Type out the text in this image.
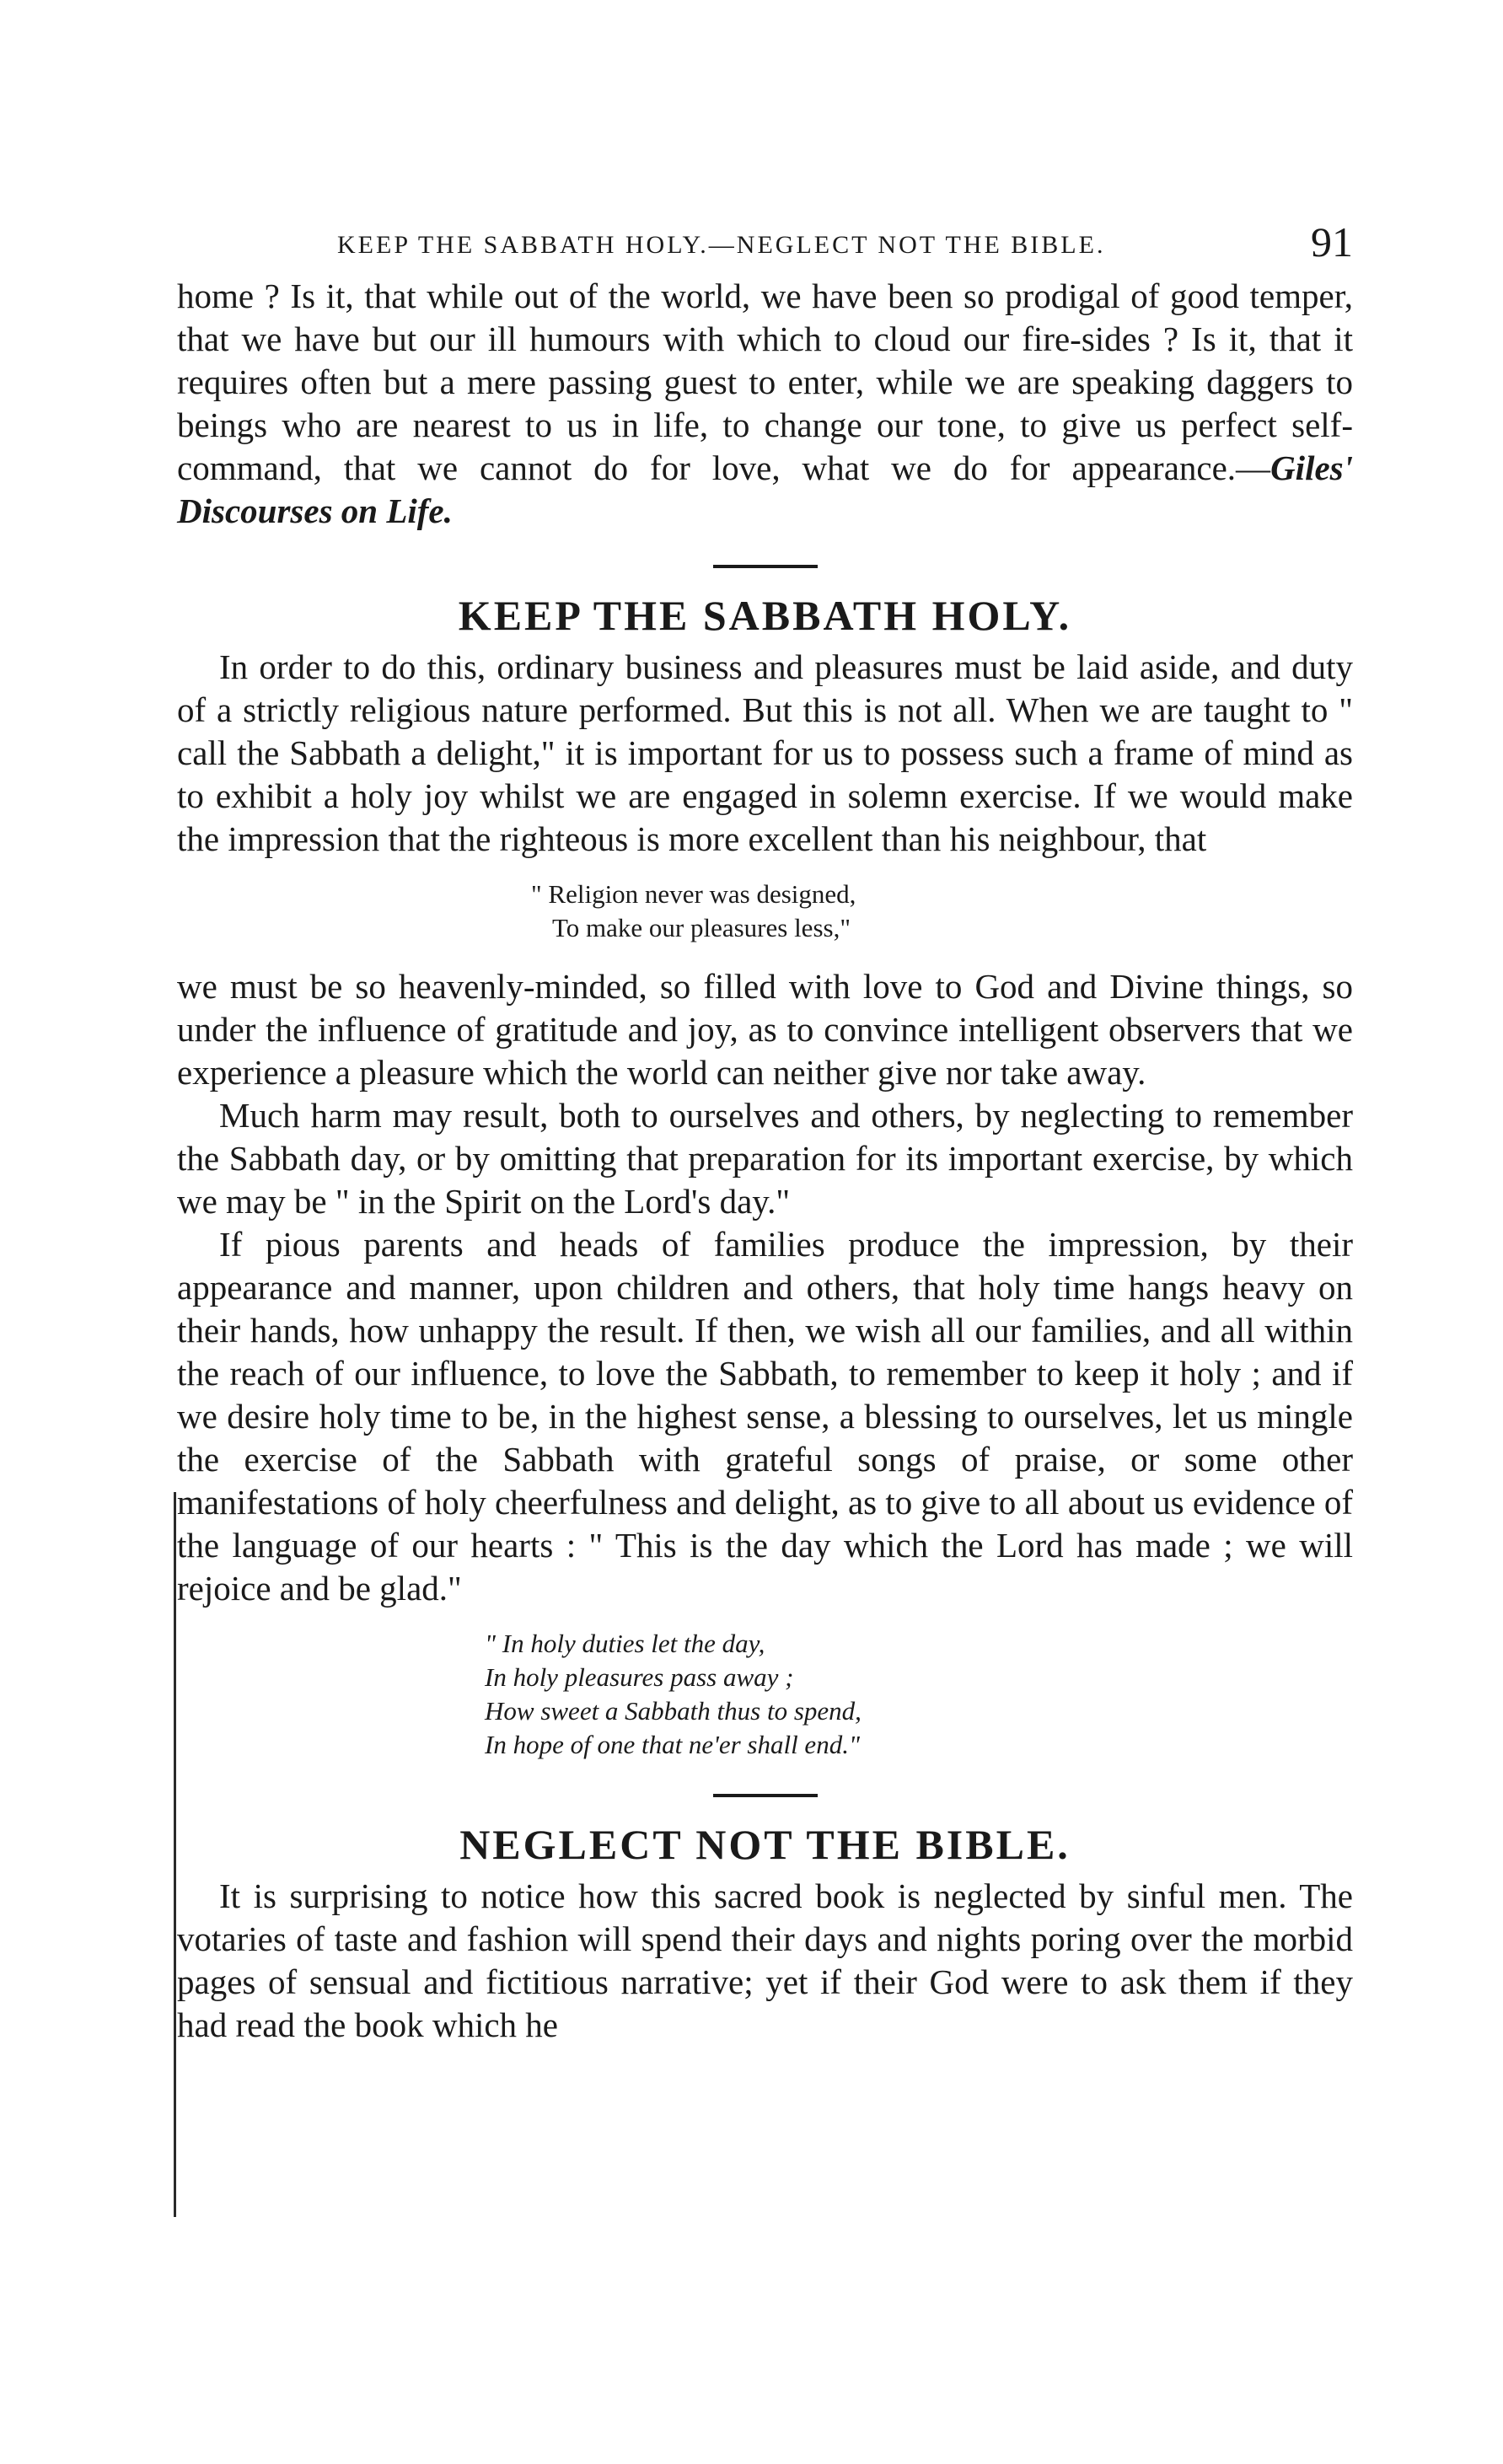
KEEP THE SABBATH HOLY.—NEGLECT NOT THE BIBLE.	91

home ? Is it, that while out of the world, we have been so prodigal of good temper, that we have but our ill humours with which to cloud our fire-sides ? Is it, that it requires often but a mere passing guest to enter, while we are speaking daggers to beings who are nearest to us in life, to change our tone, to give us perfect self-command, that we cannot do for love, what we do for appearance.—Giles' Discourses on Life.

KEEP THE SABBATH HOLY.

In order to do this, ordinary business and pleasures must be laid aside, and duty of a strictly religious nature performed. But this is not all. When we are taught to " call the Sabbath a delight," it is important for us to possess such a frame of mind as to exhibit a holy joy whilst we are engaged in solemn exercise. If we would make the impression that the righteous is more excellent than his neighbour, that

" Religion never was designed,
To make our pleasures less,"

we must be so heavenly-minded, so filled with love to God and Divine things, so under the influence of gratitude and joy, as to convince intelligent observers that we experience a pleasure which the world can neither give nor take away.

Much harm may result, both to ourselves and others, by neglecting to remember the Sabbath day, or by omitting that preparation for its important exercise, by which we may be " in the Spirit on the Lord's day."

If pious parents and heads of families produce the impression, by their appearance and manner, upon children and others, that holy time hangs heavy on their hands, how unhappy the result. If then, we wish all our families, and all within the reach of our influence, to love the Sabbath, to remember to keep it holy ; and if we desire holy time to be, in the highest sense, a blessing to ourselves, let us mingle the exercise of the Sabbath with grateful songs of praise, or some other manifestations of holy cheerfulness and delight, as to give to all about us evidence of the language of our hearts : " This is the day which the Lord has made ; we will rejoice and be glad."

" In holy duties let the day,
In holy pleasures pass away ;
How sweet a Sabbath thus to spend,
In hope of one that ne'er shall end."
NEGLECT NOT THE BIBLE.

It is surprising to notice how this sacred book is neglected by sinful men. The votaries of taste and fashion will spend their days and nights poring over the morbid pages of sensual and fictitious narrative; yet if their God were to ask them if they had read the book which he
